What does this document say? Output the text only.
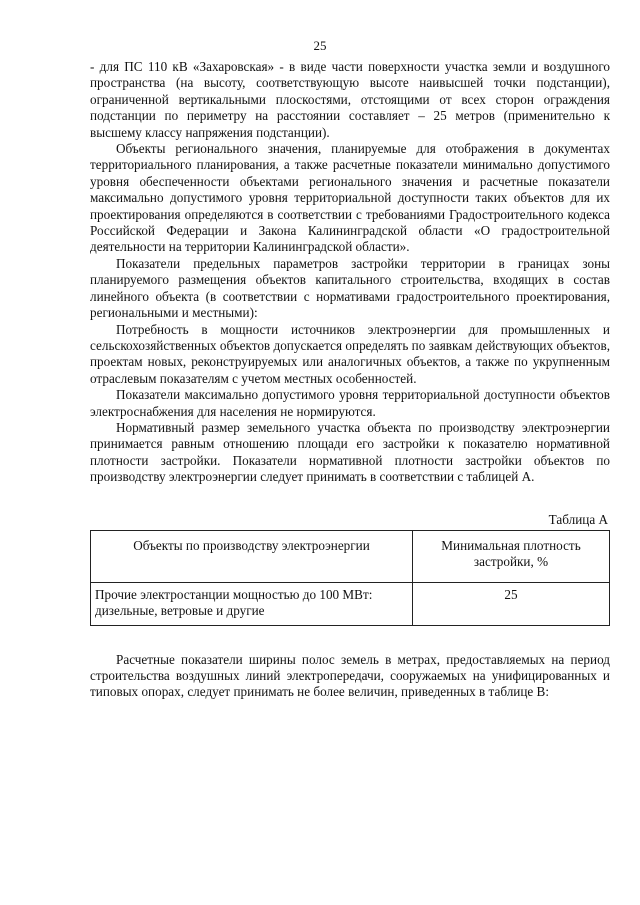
25

- для ПС 110 кВ «Захаровская» - в виде части поверхности участка земли и воздушного пространства (на высоту, соответствующую высоте наивысшей точки подстанции), ограниченной вертикальными плоскостями, отстоящими от всех сторон ограждения подстанции по периметру на расстоянии составляет – 25 метров (применительно к высшему классу напряжения подстанции).

Объекты регионального значения, планируемые для отображения в документах территориального планирования, а также расчетные показатели минимально допустимого уровня обеспеченности объектами регионального значения и расчетные показатели максимально допустимого уровня территориальной доступности таких объектов для их проектирования определяются в соответствии с требованиями Градостроительного кодекса Российской Федерации и Закона Калининградской области «О градостроительной деятельности на территории Калининградской области».

Показатели предельных параметров застройки территории в границах зоны планируемого размещения объектов капитального строительства, входящих в состав линейного объекта (в соответствии с нормативами градостроительного проектирования, региональными и местными):

Потребность в мощности источников электроэнергии для промышленных и сельскохозяйственных объектов допускается определять по заявкам действующих объектов, проектам новых, реконструируемых или аналогичных объектов, а также по укрупненным отраслевым показателям с учетом местных особенностей.

Показатели максимально допустимого уровня территориальной доступности объектов электроснабжения для населения не нормируются.

Нормативный размер земельного участка объекта по производству электроэнергии принимается равным отношению площади его застройки к показателю нормативной плотности застройки. Показатели нормативной плотности застройки объектов по производству электроэнергии следует принимать в соответствии с таблицей А.

Таблица А
Объекты по производству электроэнергии	Минимальная плотность застройки, %
Прочие электростанции мощностью до 100 МВт: дизельные, ветровые и другие	25

Расчетные показатели ширины полос земель в метрах, предоставляемых на период строительства воздушных линий электропередачи, сооружаемых на унифицированных и типовых опорах, следует принимать не более величин, приведенных в таблице В:
